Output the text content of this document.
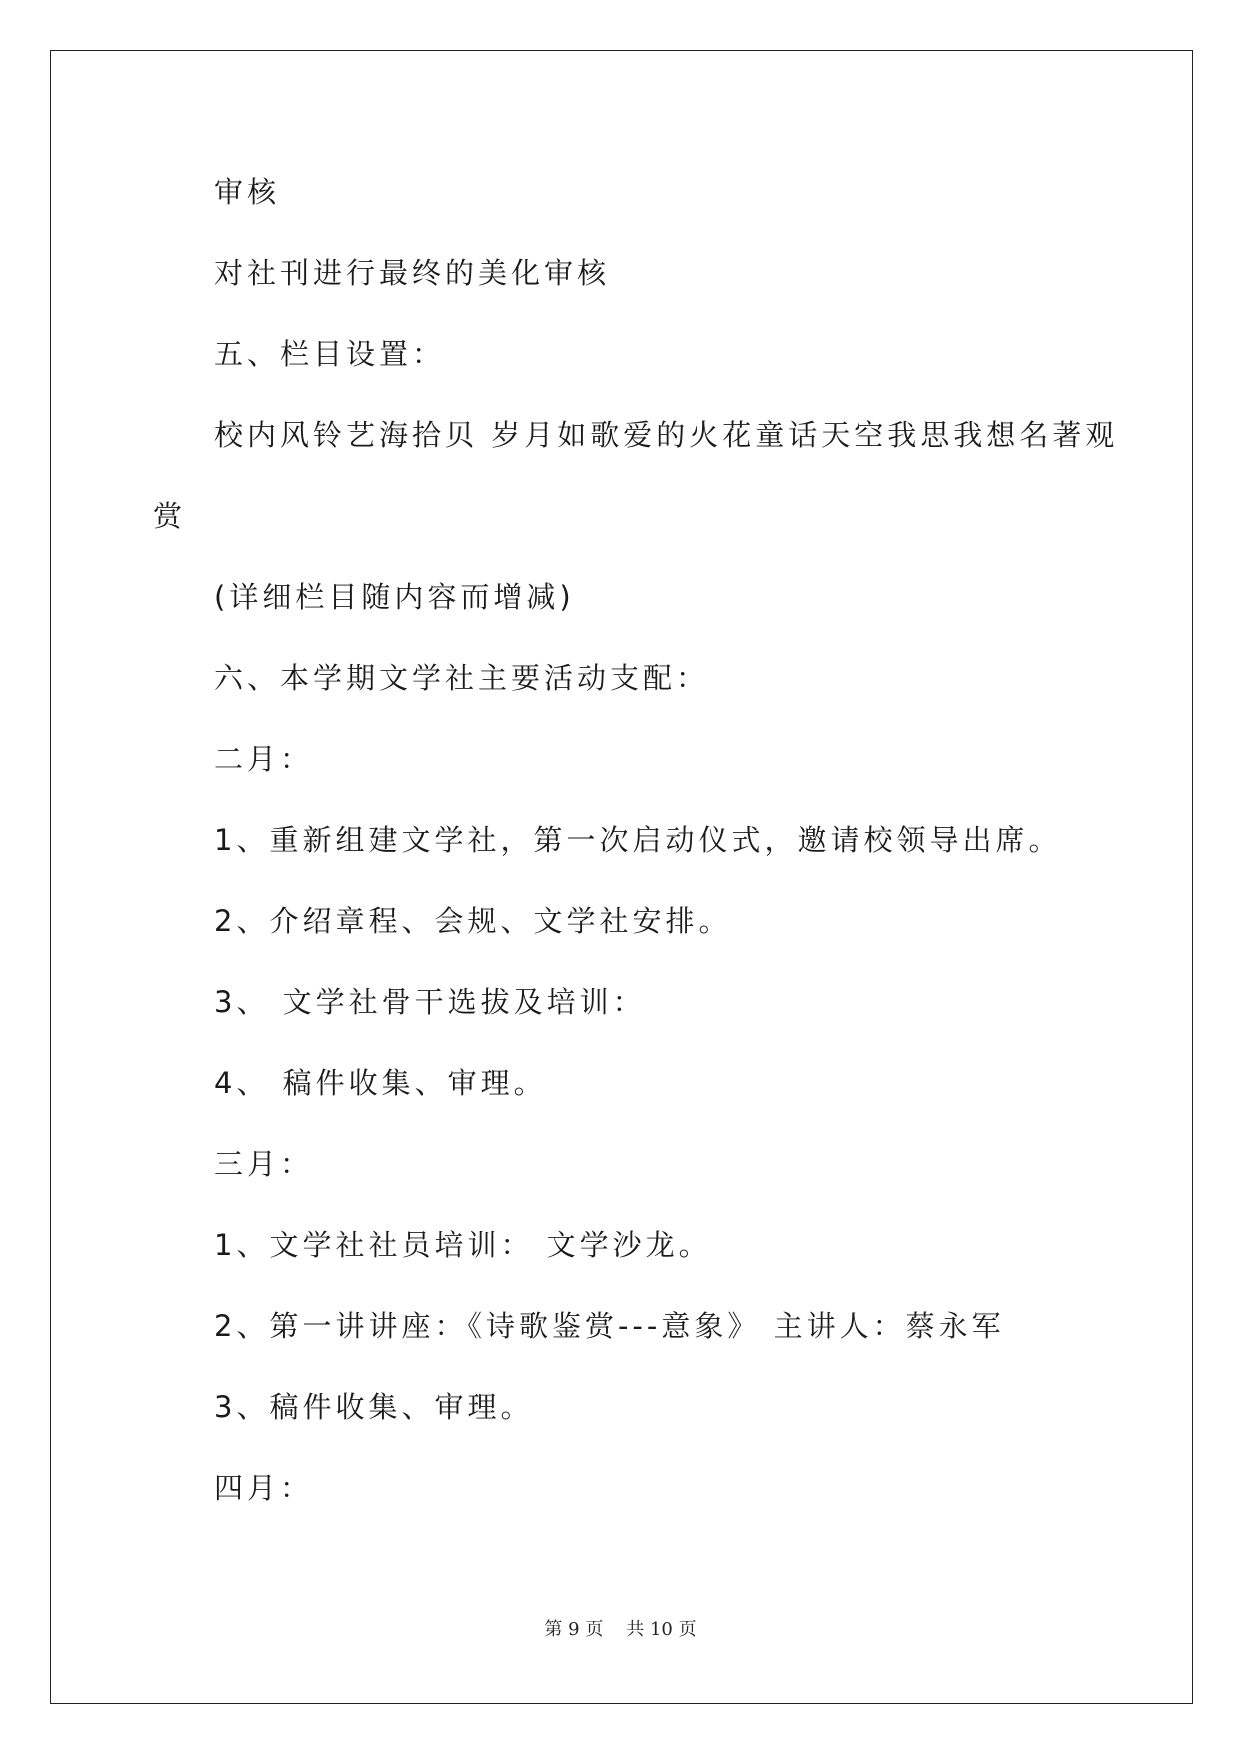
审核
对社刊进行最终的美化审核
五、栏目设置：
校内风铃艺海拾贝 岁月如歌爱的火花童话天空我思我想名著观
赏
(详细栏目随内容而增减)
六、本学期文学社主要活动支配：
二月：
1、重新组建文学社，第一次启动仪式，邀请校领导出席。
2、介绍章程、会规、文学社安排。
3、 文学社骨干选拔及培训：
4、 稿件收集、审理。
三月：
1、文学社社员培训： 文学沙龙。
2、第一讲讲座：《诗歌鉴赏---意象》 主讲人：蔡永军
3、稿件收集、审理。
四月：
第 9 页 共 10 页
